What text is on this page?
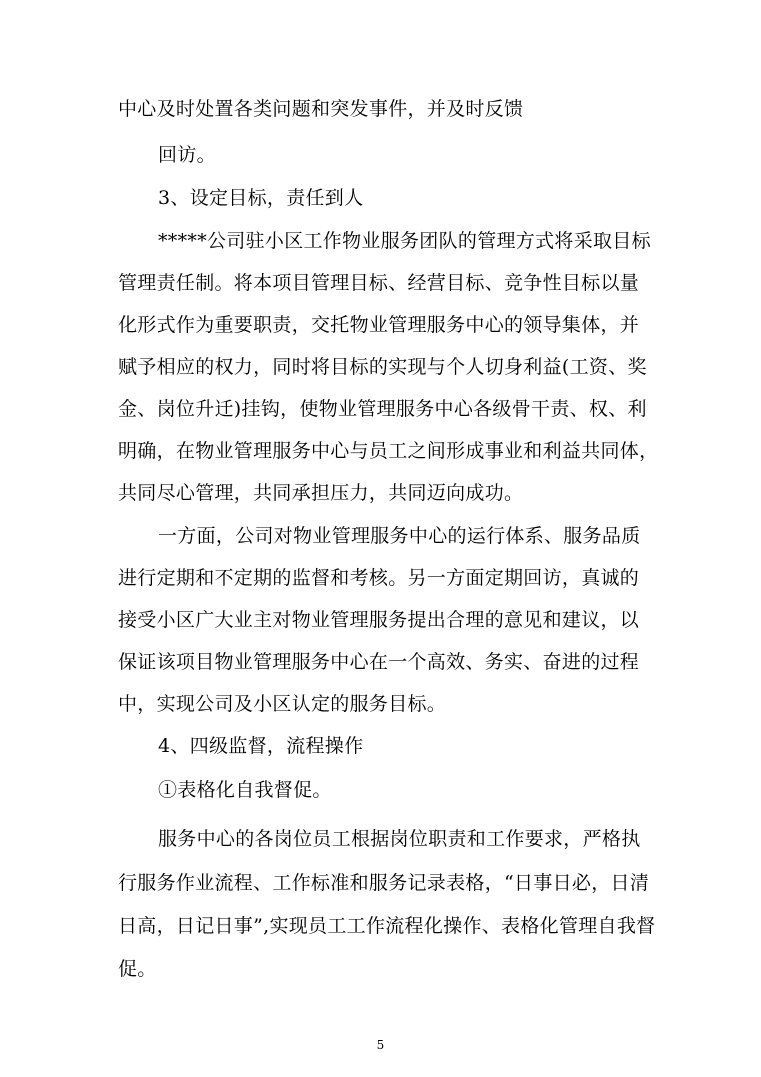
中心及时处置各类问题和突发事件，并及时反馈
回访。
3、设定目标，责任到人
*****公司驻小区工作物业服务团队的管理方式将采取目标
管理责任制。将本项目管理目标、经营目标、竞争性目标以量
化形式作为重要职责，交托物业管理服务中心的领导集体，并
赋予相应的权力，同时将目标的实现与个人切身利益(工资、奖
金、岗位升迁)挂钩，使物业管理服务中心各级骨干责、权、利
明确，在物业管理服务中心与员工之间形成事业和利益共同体，
共同尽心管理，共同承担压力，共同迈向成功。
一方面，公司对物业管理服务中心的运行体系、服务品质
进行定期和不定期的监督和考核。另一方面定期回访，真诚的
接受小区广大业主对物业管理服务提出合理的意见和建议，以
保证该项目物业管理服务中心在一个高效、务实、奋进的过程
中，实现公司及小区认定的服务目标。
4、四级监督，流程操作
①表格化自我督促。
服务中心的各岗位员工根据岗位职责和工作要求，严格执
行服务作业流程、工作标准和服务记录表格，“日事日必，日清
日高，日记日事”,实现员工工作流程化操作、表格化管理自我督
促。
5
